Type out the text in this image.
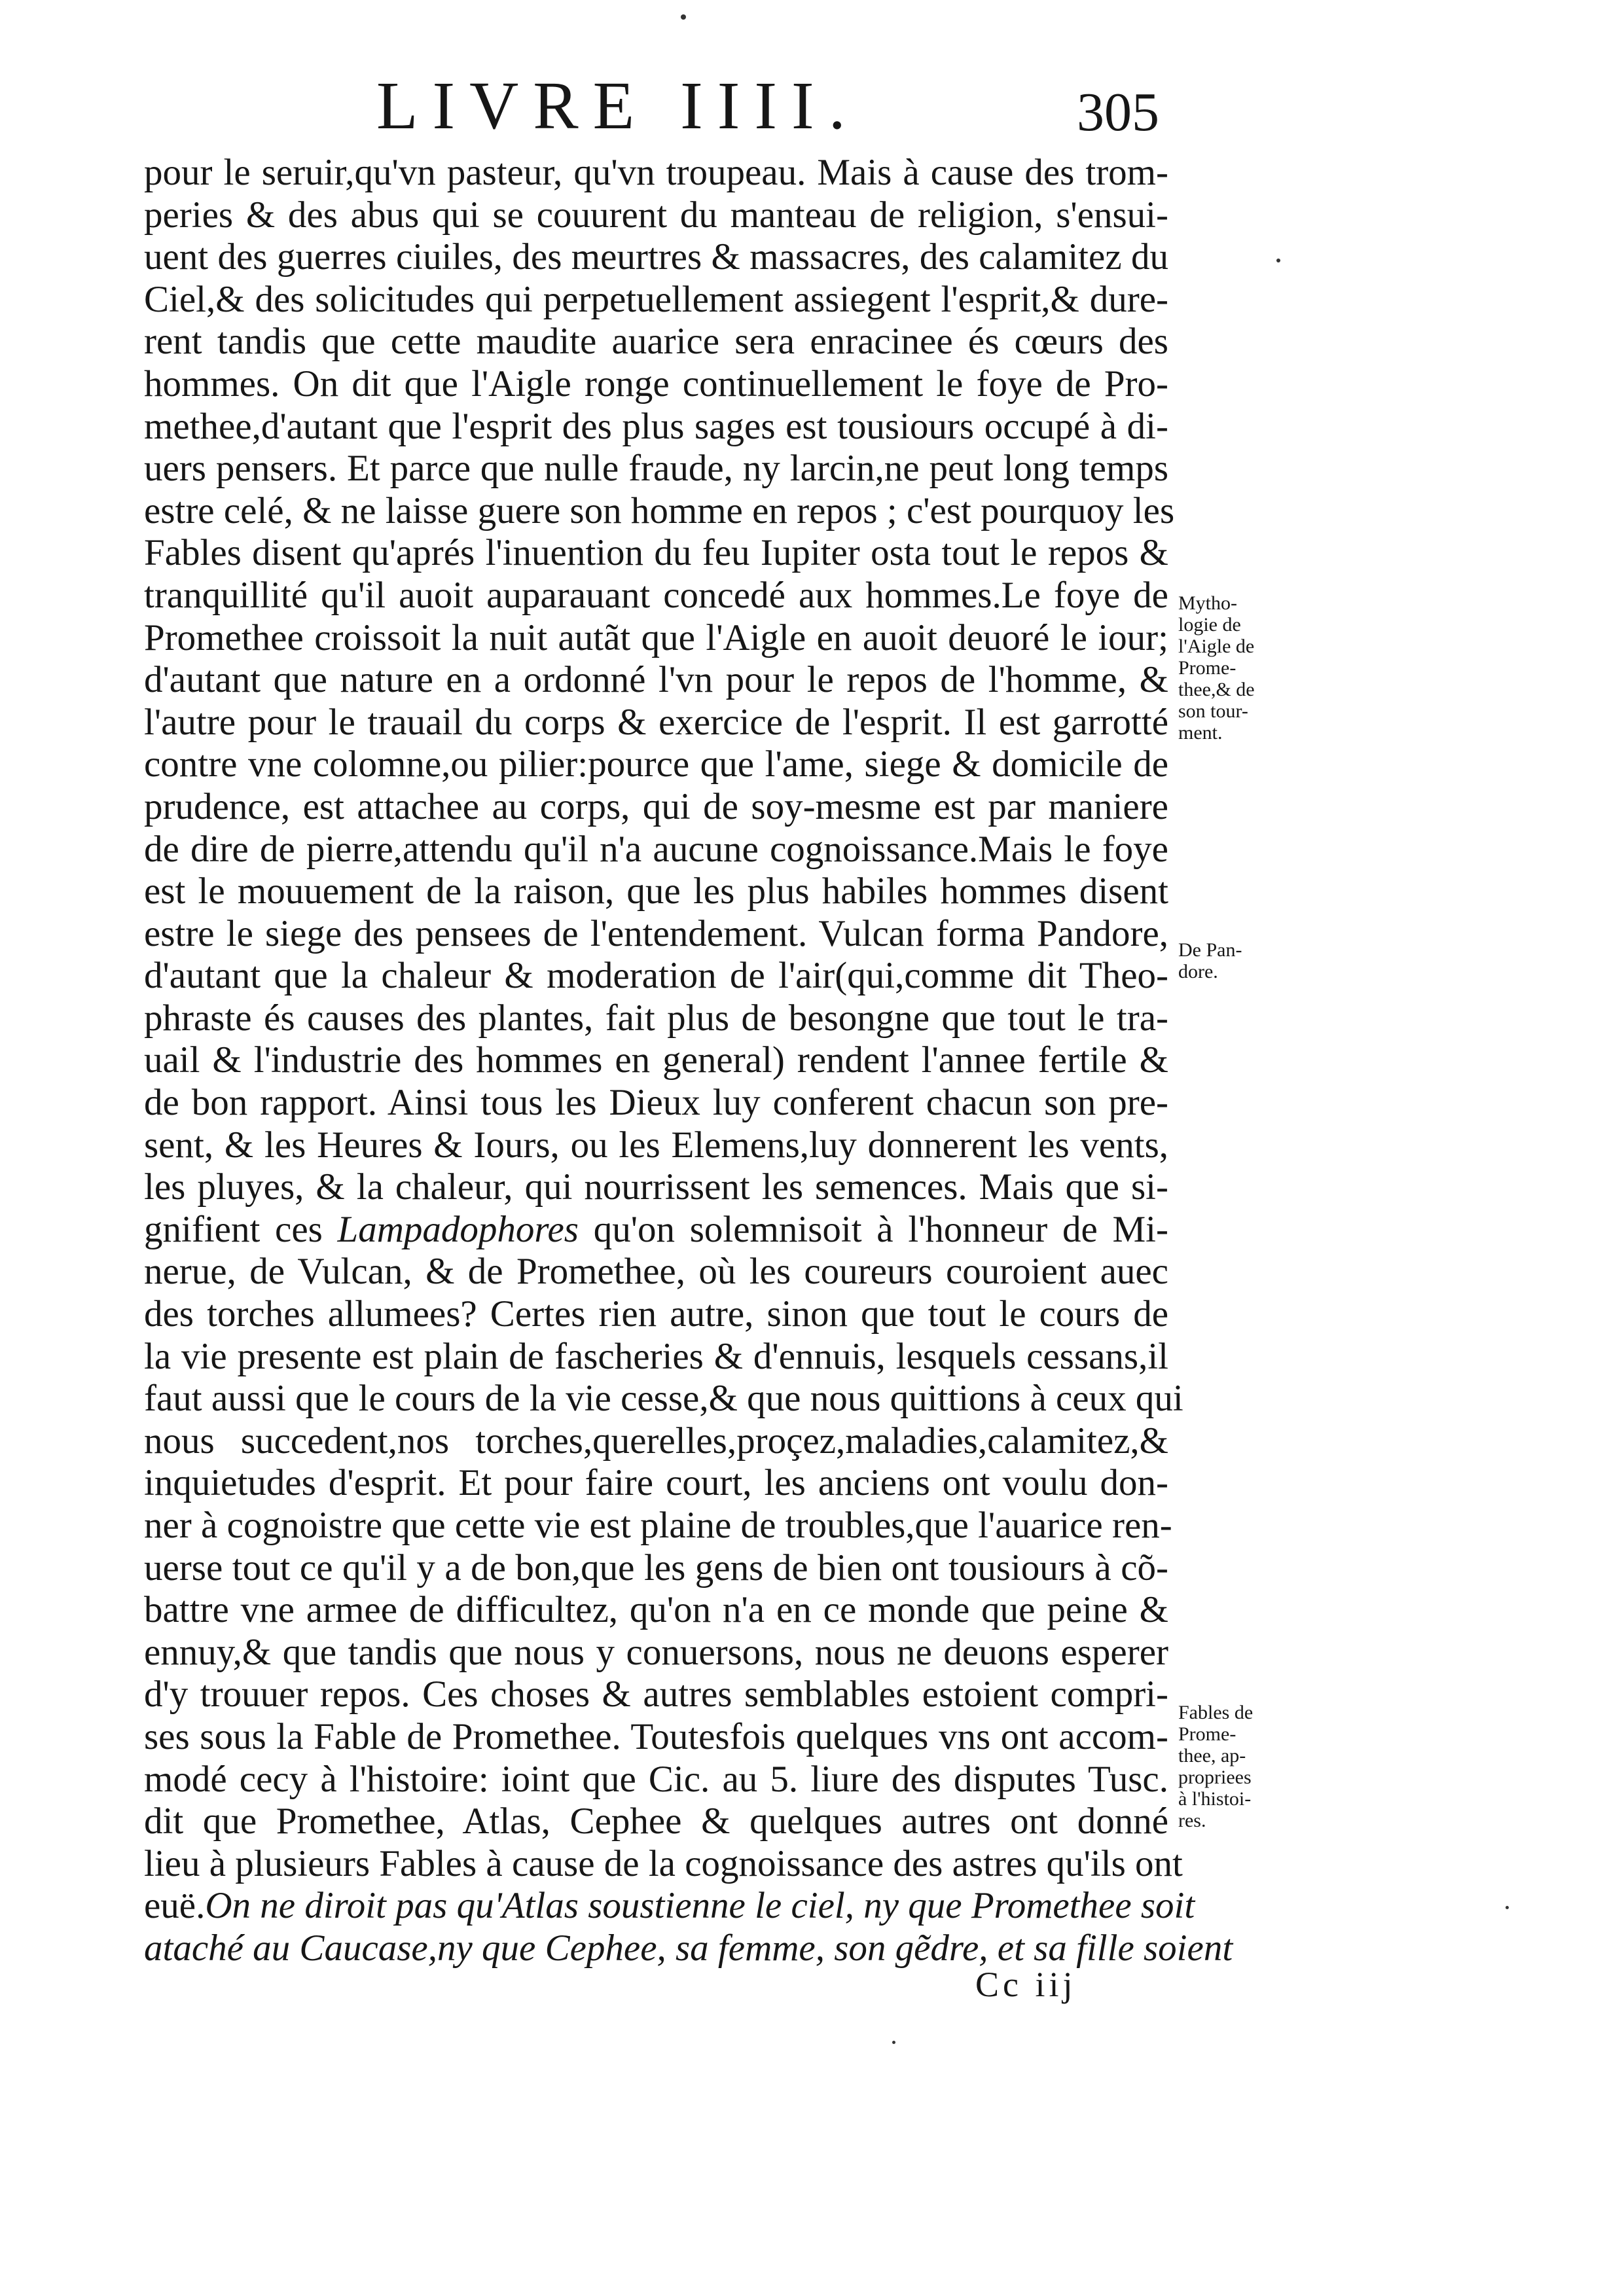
LIVRE IIII.	305
pour le seruir,qu'vn pasteur, qu'vn troupeau. Mais à cause des trom-
peries & des abus qui se couurent du manteau de religion, s'ensui-
uent des guerres ciuiles, des meurtres & massacres, des calamitez du
Ciel,& des solicitudes qui perpetuellement assiegent l'esprit,& dure-
rent tandis que cette maudite auarice sera enracinee és cœurs des
hommes. On dit que l'Aigle ronge continuellement le foye de Pro-
methee,d'autant que l'esprit des plus sages est tousiours occupé à di-
uers pensers. Et parce que nulle fraude, ny larcin,ne peut long temps
estre celé, & ne laisse guere son homme en repos ; c'est pourquoy les
Fables disent qu'aprés l'inuention du feu Iupiter osta tout le repos &
tranquillité qu'il auoit auparauant concedé aux hommes.Le foye de
Promethee croissoit la nuit autãt que l'Aigle en auoit deuoré le iour;
d'autant que nature en a ordonné l'vn pour le repos de l'homme, &
l'autre pour le trauail du corps & exercice de l'esprit. Il est garrotté
contre vne colomne,ou pilier:pource que l'ame, siege & domicile de
prudence, est attachee au corps, qui de soy-mesme est par maniere
de dire de pierre,attendu qu'il n'a aucune cognoissance.Mais le foye
est le mouuement de la raison, que les plus habiles hommes disent
estre le siege des pensees de l'entendement. Vulcan forma Pandore,
d'autant que la chaleur & moderation de l'air(qui,comme dit Theo-
phraste és causes des plantes, fait plus de besongne que tout le tra-
uail & l'industrie des hommes en general) rendent l'annee fertile &
de bon rapport. Ainsi tous les Dieux luy conferent chacun son pre-
sent, & les Heures & Iours, ou les Elemens,luy donnerent les vents,
les pluyes, & la chaleur, qui nourrissent les semences. Mais que si-
gnifient ces Lampadophores qu'on solemnisoit à l'honneur de Mi-
nerue, de Vulcan, & de Promethee, où les coureurs couroient auec
des torches allumees? Certes rien autre, sinon que tout le cours de
la vie presente est plain de fascheries & d'ennuis, lesquels cessans,il
faut aussi que le cours de la vie cesse,& que nous quittions à ceux qui
nous succedent,nos torches,querelles,proçez,maladies,calamitez,&
inquietudes d'esprit. Et pour faire court, les anciens ont voulu don-
ner à cognoistre que cette vie est plaine de troubles,que l'auarice ren-
uerse tout ce qu'il y a de bon,que les gens de bien ont tousiours à cõ-
battre vne armee de difficultez, qu'on n'a en ce monde que peine &
ennuy,& que tandis que nous y conuersons, nous ne deuons esperer
d'y trouuer repos. Ces choses & autres semblables estoient compri-
ses sous la Fable de Promethee. Toutesfois quelques vns ont accom-
modé cecy à l'histoire: ioint que Cic. au 5. liure des disputes Tusc.
dit que Promethee, Atlas, Cephee & quelques autres ont donné
lieu à plusieurs Fables à cause de la cognoissance des astres qu'ils ont
euë.On ne diroit pas qu'Atlas soustienne le ciel, ny que Promethee soit
ataché au Caucase,ny que Cephee, sa femme, son gẽdre, et sa fille soient
Mytho-
logie de
l'Aigle de
Prome-
thee,& de
son tour-
ment.
De Pan-
dore.
Fables de
Prome-
thee, ap-
propriees
à l'histoi-
res.
Cc iij
